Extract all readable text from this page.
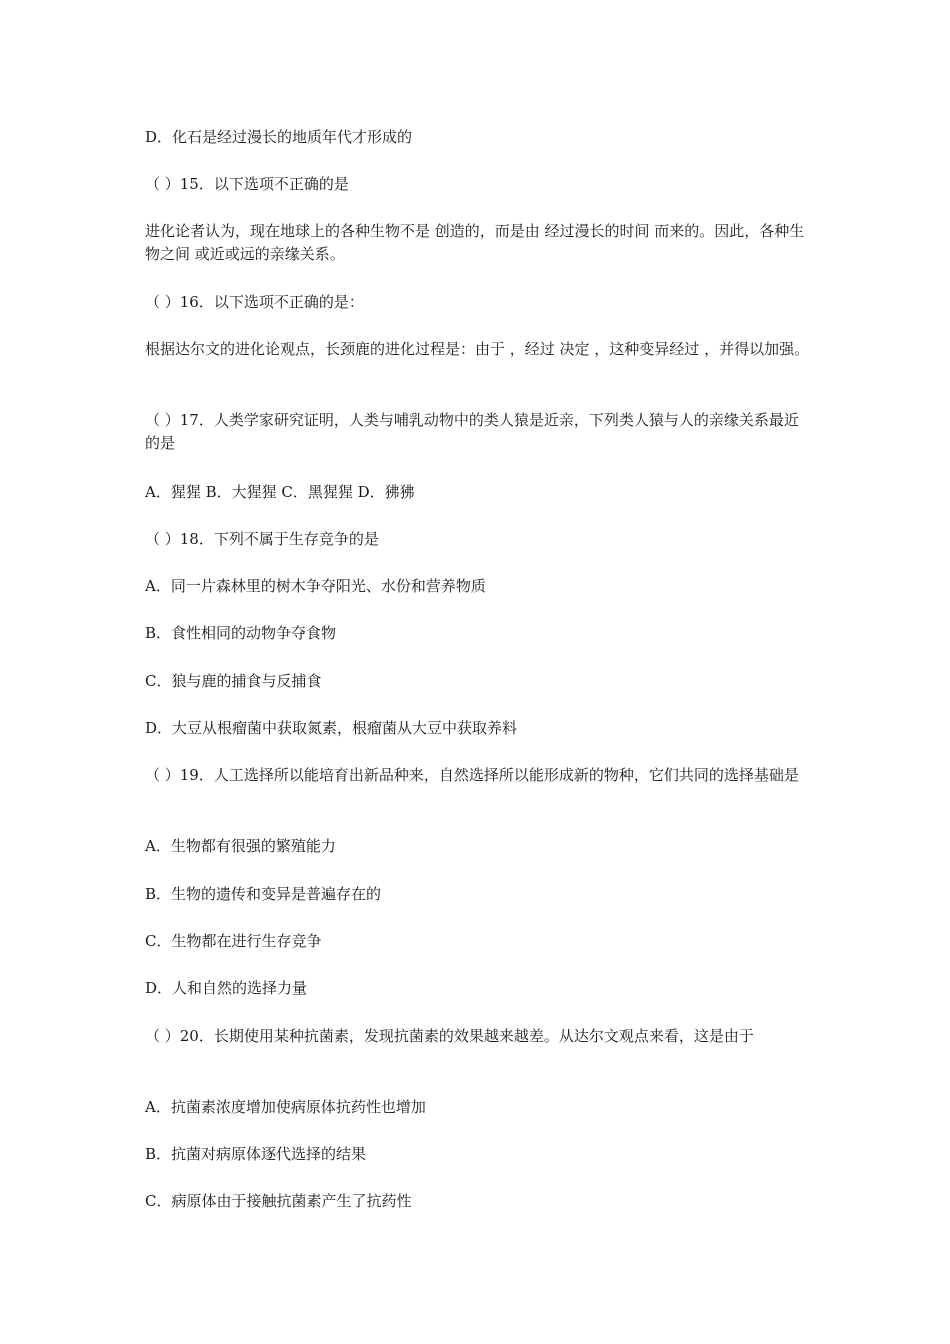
D．化石是经过漫长的地质年代才形成的

（ ）15．以下选项不正确的是

进化论者认为，现在地球上的各种生物不是 创造的，而是由 经过漫长的时间 而来的。因此，各种生物之间 或近或远的亲缘关系。

（ ）16．以下选项不正确的是：

根据达尔文的进化论观点，长颈鹿的进化过程是：由于 ，经过 决定 ，这种变异经过 ，并得以加强。

（ ）17．人类学家研究证明，人类与哺乳动物中的类人猿是近亲，下列类人猿与人的亲缘关系最近的是

A．猩猩 B．大猩猩 C．黑猩猩 D．狒狒

（ ）18．下列不属于生存竞争的是

A．同一片森林里的树木争夺阳光、水份和营养物质

B．食性相同的动物争夺食物

C．狼与鹿的捕食与反捕食

D．大豆从根瘤菌中获取氮素，根瘤菌从大豆中获取养料

（ ）19．人工选择所以能培育出新品种来，自然选择所以能形成新的物种，它们共同的选择基础是

A．生物都有很强的繁殖能力

B．生物的遗传和变异是普遍存在的

C．生物都在进行生存竞争

D．人和自然的选择力量

（ ）20．长期使用某种抗菌素，发现抗菌素的效果越来越差。从达尔文观点来看，这是由于

A．抗菌素浓度增加使病原体抗药性也增加

B．抗菌对病原体逐代选择的结果

C．病原体由于接触抗菌素产生了抗药性
